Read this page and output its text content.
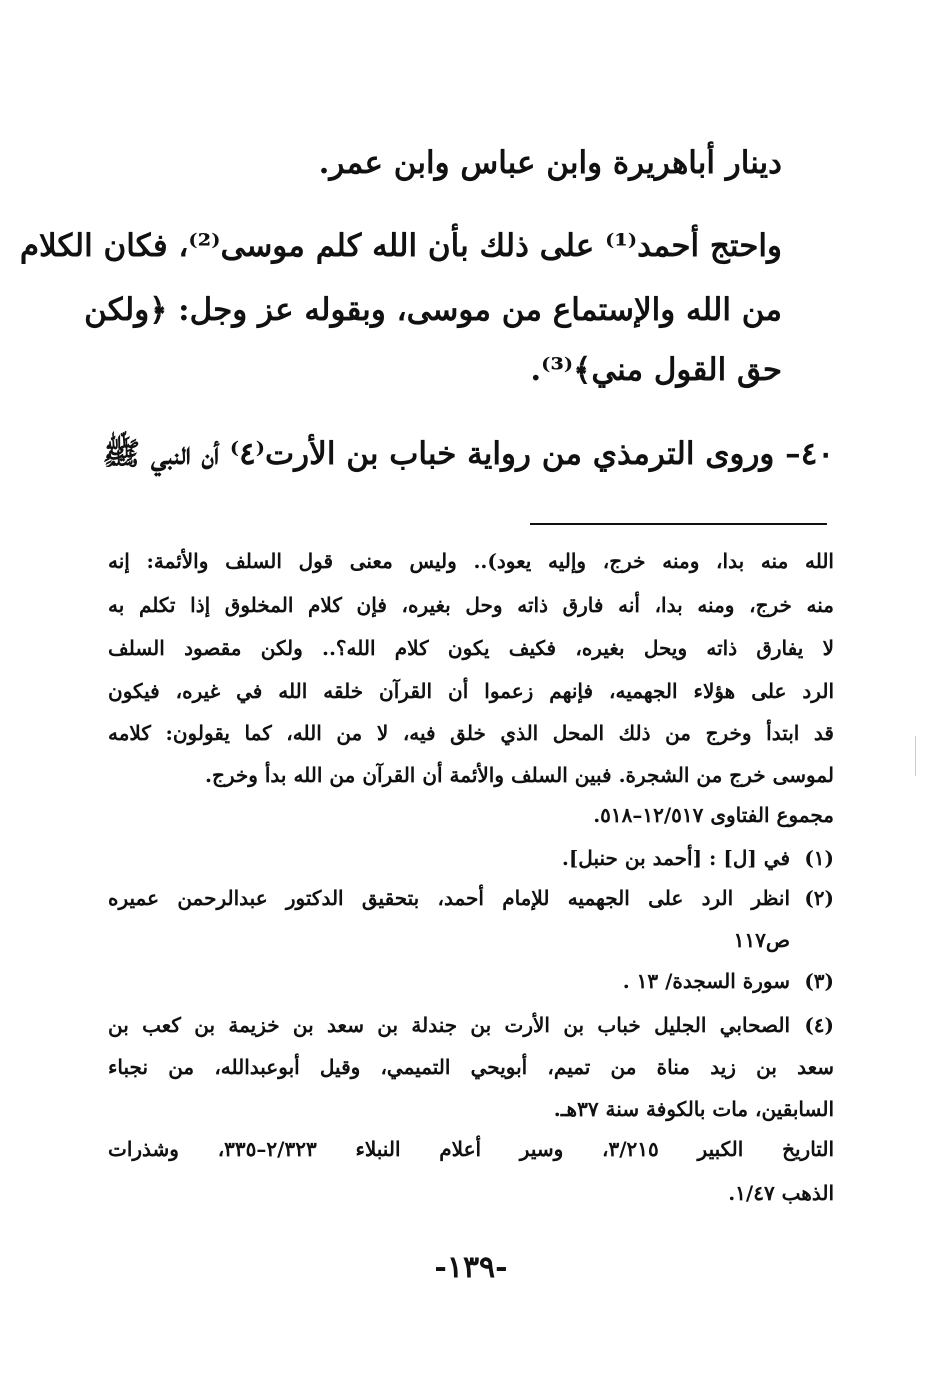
دينار أباهريرة وابن عباس وابن عمر.
واحتج أحمد⁽¹⁾ على ذلك بأن الله كلم موسى⁽²⁾، فكان الكلام
من الله والإستماع من موسى، وبقوله عز وجل: ﴿ولكن
حق القول مني﴾⁽³⁾.
٤٠– وروى الترمذي من رواية خباب بن الأرت⁽٤⁾ أن النبي ﷺ
الله منه بدا، ومنه خرج، وإليه يعود).. وليس معنى قول السلف والأئمة: إنه
منه خرج، ومنه بدا، أنه فارق ذاته وحل بغيره، فإن كلام المخلوق إذا تكلم به
لا يفارق ذاته ويحل بغيره، فكيف يكون كلام الله؟.. ولكن مقصود السلف
الرد على هؤلاء الجهميه، فإنهم زعموا أن القرآن خلقه الله في غيره، فيكون
قد ابتدأ وخرج من ذلك المحل الذي خلق فيه، لا من الله، كما يقولون: كلامه
لموسى خرج من الشجرة. فبين السلف والأئمة أن القرآن من الله بدأ وخرج.
مجموع الفتاوى ١٢/٥١٧–٥١٨.
(١)
في [ل] : [أحمد بن حنبل].
(٢)
انظر الرد على الجهميه للإمام أحمد، بتحقيق الدكتور عبدالرحمن عميره
ص١١٧
(٣)
سورة السجدة/ ١٣ .
(٤)
الصحابي الجليل خباب بن الأرت بن جندلة بن سعد بن خزيمة بن كعب بن
سعد بن زيد مناة من تميم، أبويحي التميمي، وقيل أبوعبدالله، من نجباء
السابقين، مات بالكوفة سنة ٣٧هـ.
التاريخ الكبير ٣/٢١٥، وسير أعلام النبلاء ٢/٣٢٣–٣٣٥، وشذرات
الذهب ١/٤٧.
-١٣٩-
